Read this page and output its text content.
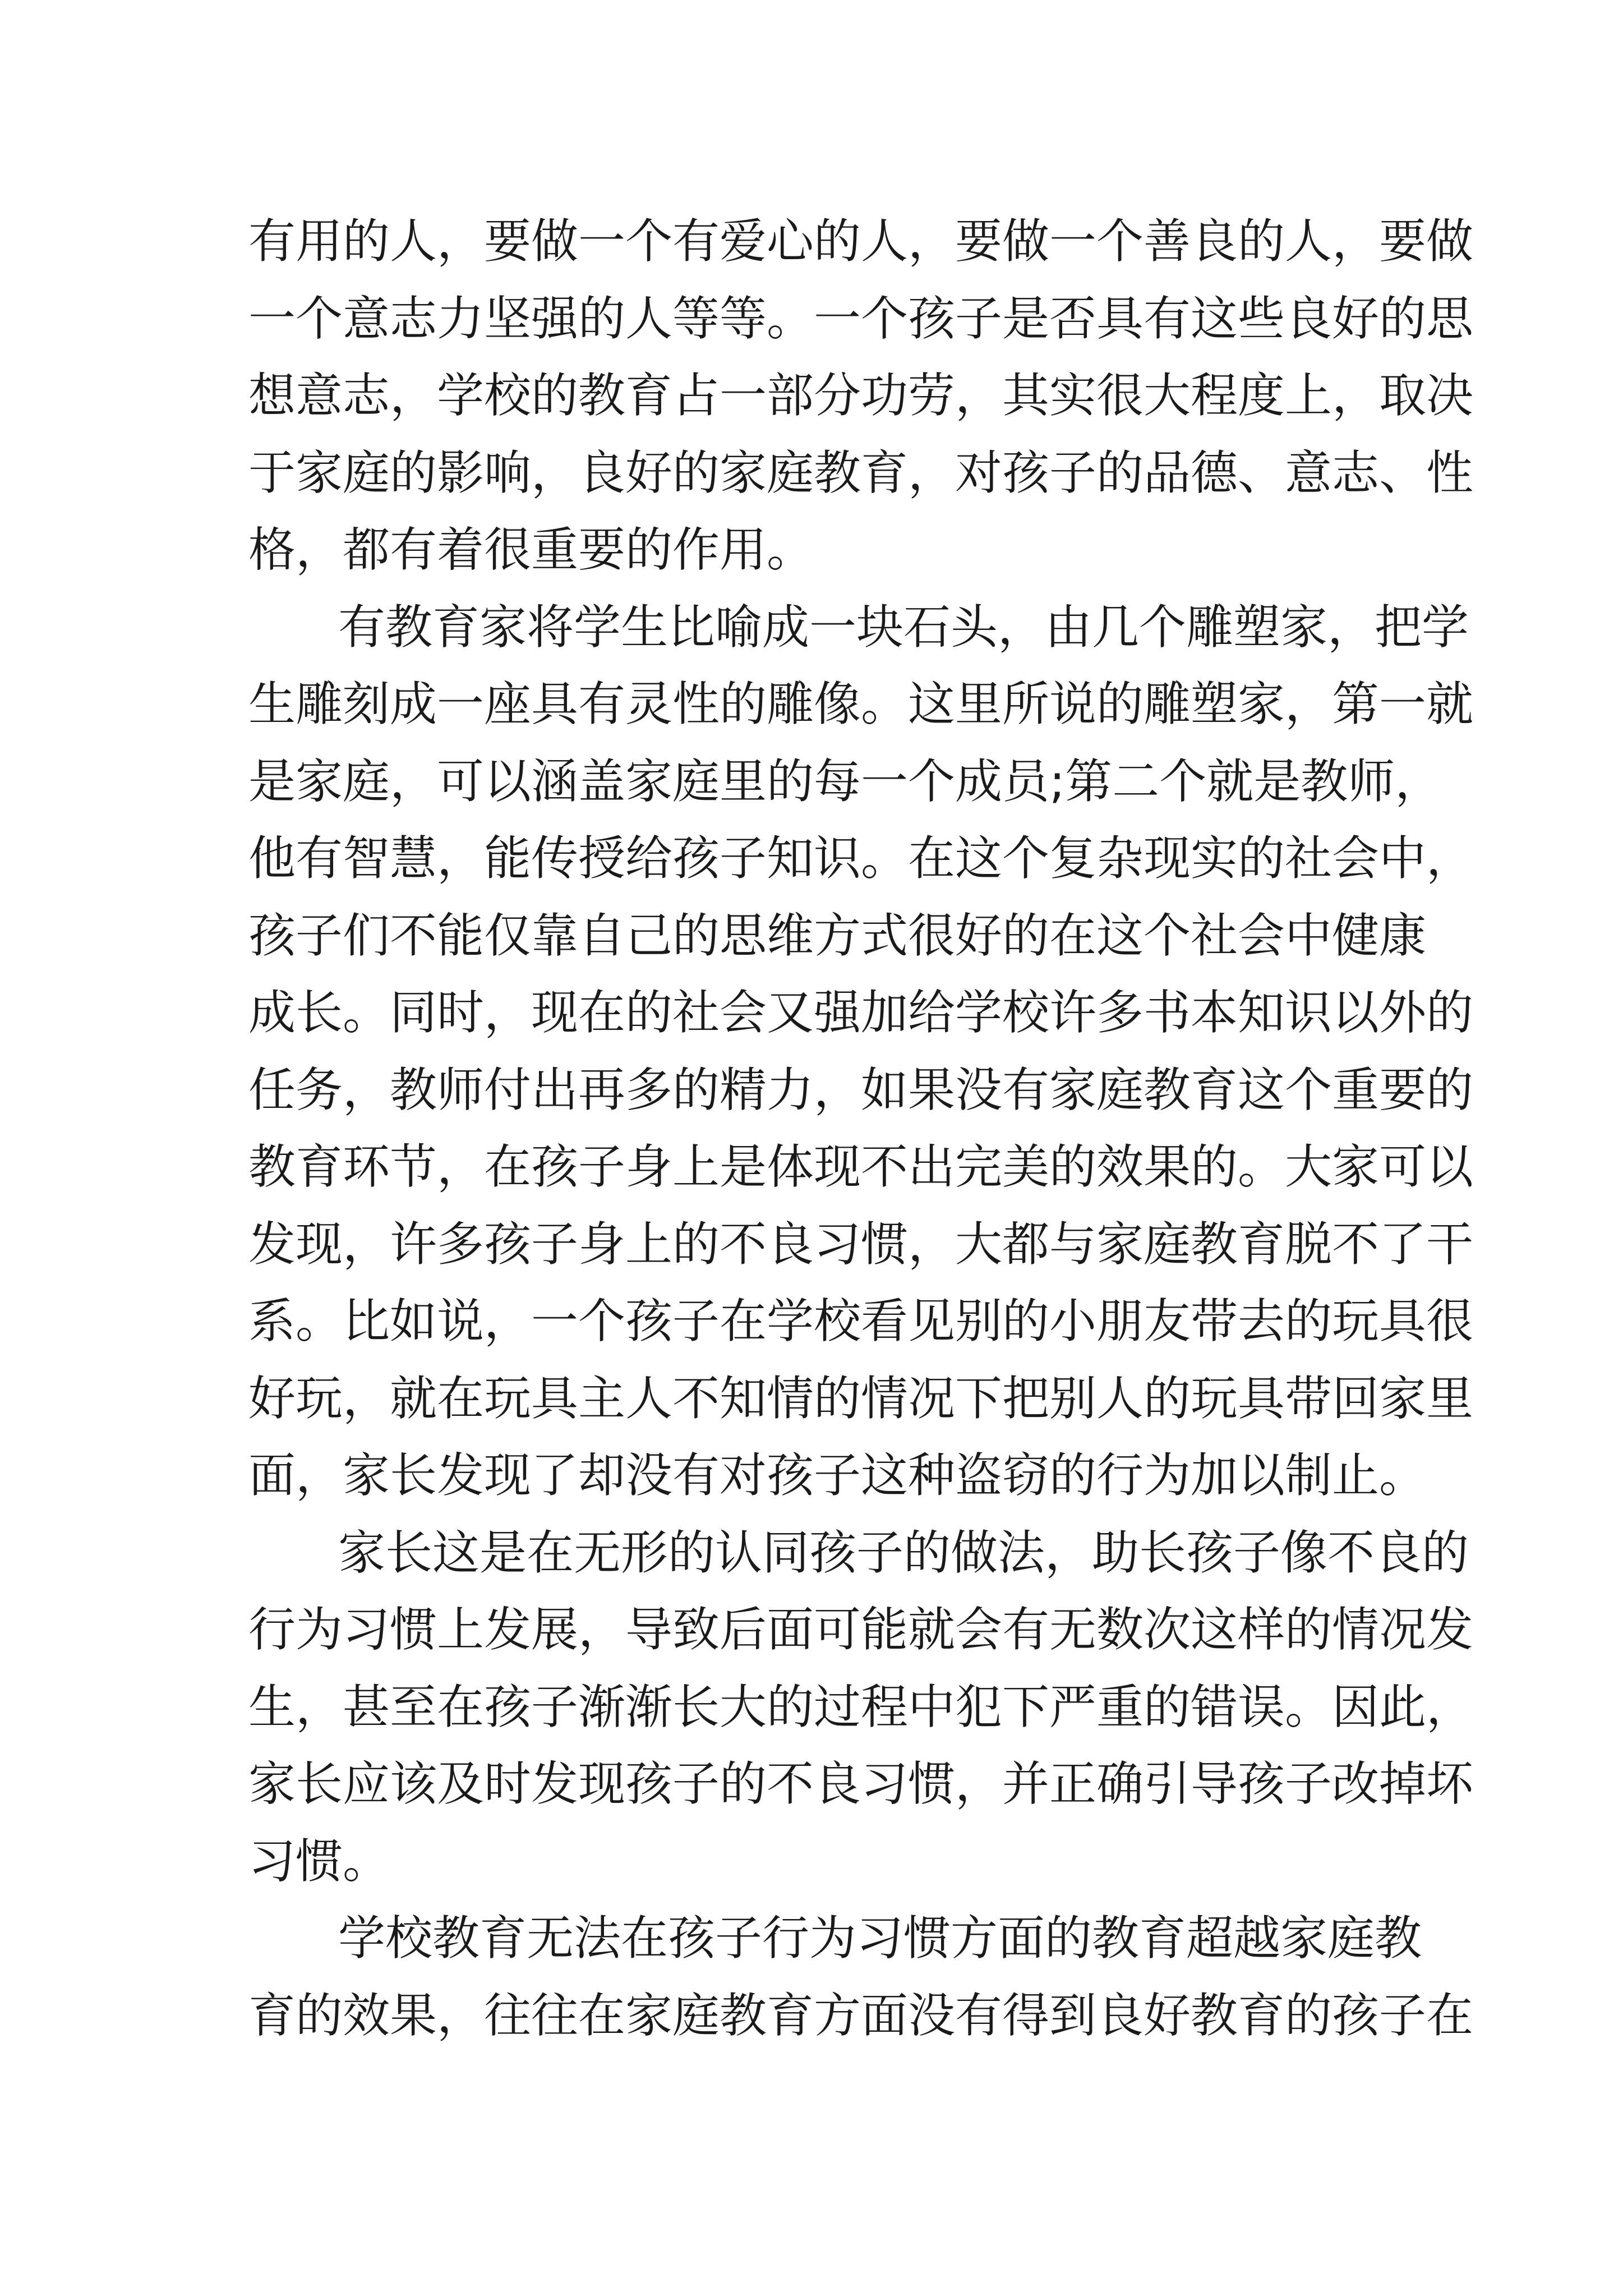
有用的人，要做一个有爱心的人，要做一个善良的人，要做
一个意志力坚强的人等等。一个孩子是否具有这些良好的思
想意志，学校的教育占一部分功劳，其实很大程度上，取决
于家庭的影响，良好的家庭教育，对孩子的品德、意志、性
格，都有着很重要的作用。
有教育家将学生比喻成一块石头，由几个雕塑家，把学
生雕刻成一座具有灵性的雕像。这里所说的雕塑家，第一就
是家庭，可以涵盖家庭里的每一个成员;第二个就是教师，
他有智慧，能传授给孩子知识。在这个复杂现实的社会中，
孩子们不能仅靠自己的思维方式很好的在这个社会中健康
成长。同时，现在的社会又强加给学校许多书本知识以外的
任务，教师付出再多的精力，如果没有家庭教育这个重要的
教育环节，在孩子身上是体现不出完美的效果的。大家可以
发现，许多孩子身上的不良习惯，大都与家庭教育脱不了干
系。比如说，一个孩子在学校看见别的小朋友带去的玩具很
好玩，就在玩具主人不知情的情况下把别人的玩具带回家里
面，家长发现了却没有对孩子这种盗窃的行为加以制止。
家长这是在无形的认同孩子的做法，助长孩子像不良的
行为习惯上发展，导致后面可能就会有无数次这样的情况发
生，甚至在孩子渐渐长大的过程中犯下严重的错误。因此，
家长应该及时发现孩子的不良习惯，并正确引导孩子改掉坏
习惯。
学校教育无法在孩子行为习惯方面的教育超越家庭教
育的效果，往往在家庭教育方面没有得到良好教育的孩子在
